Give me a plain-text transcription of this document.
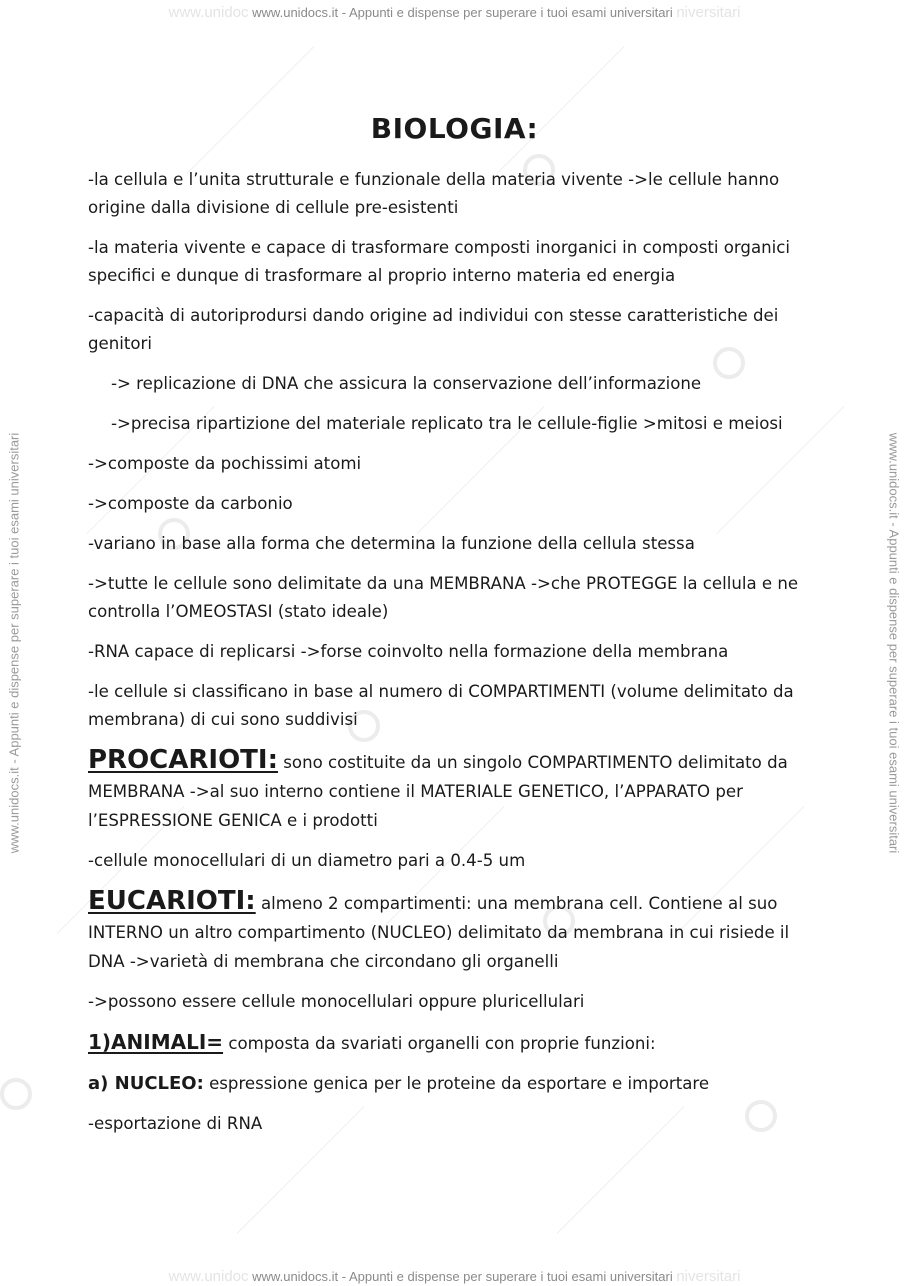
www.unidoc www.unidocs.it - Appunti e dispense per superare i tuoi esami universitari niversitari
www.unidoc www.unidocs.it - Appunti e dispense per superare i tuoi esami universitari niversitari
www.unidocs.it - Appunti e dispense per superare i tuoi esami universitari	www.unidocs.it - Appunti e dispense per superare i tuoi esami universitari
BIOLOGIA:

-la cellula e l’unita strutturale e funzionale della materia vivente ->le cellule hanno origine dalla divisione di cellule pre-esistenti

-la materia vivente e capace di trasformare composti inorganici in composti organici specifici e dunque di trasformare al proprio interno materia ed energia

-capacità di autoriprodursi dando origine ad individui con stesse caratteristiche dei genitori

-> replicazione di DNA che assicura la conservazione dell’informazione

->precisa ripartizione del materiale replicato tra le cellule-figlie >mitosi e meiosi

->composte da pochissimi atomi

->composte da carbonio

-variano in base alla forma che determina la funzione della cellula stessa

->tutte le cellule sono delimitate da una MEMBRANA ->che PROTEGGE la cellula e ne controlla l’OMEOSTASI (stato ideale)

-RNA capace di replicarsi ->forse coinvolto nella formazione della membrana

-le cellule si classificano in base al numero di COMPARTIMENTI (volume delimitato da membrana) di cui sono suddivisi

PROCARIOTI: sono costituite da un singolo COMPARTIMENTO delimitato da MEMBRANA ->al suo interno contiene il MATERIALE GENETICO, l’APPARATO per l’ESPRESSIONE GENICA e i prodotti

-cellule monocellulari di un diametro pari a 0.4-5 um

EUCARIOTI: almeno 2 compartimenti: una membrana cell. Contiene al suo INTERNO un altro compartimento (NUCLEO) delimitato da membrana in cui risiede il DNA ->varietà di membrana che circondano gli organelli

->possono essere cellule monocellulari oppure pluricellulari

1)ANIMALI= composta da svariati organelli con proprie funzioni:

a) NUCLEO: espressione genica per le proteine da esportare e importare

-esportazione di RNA
